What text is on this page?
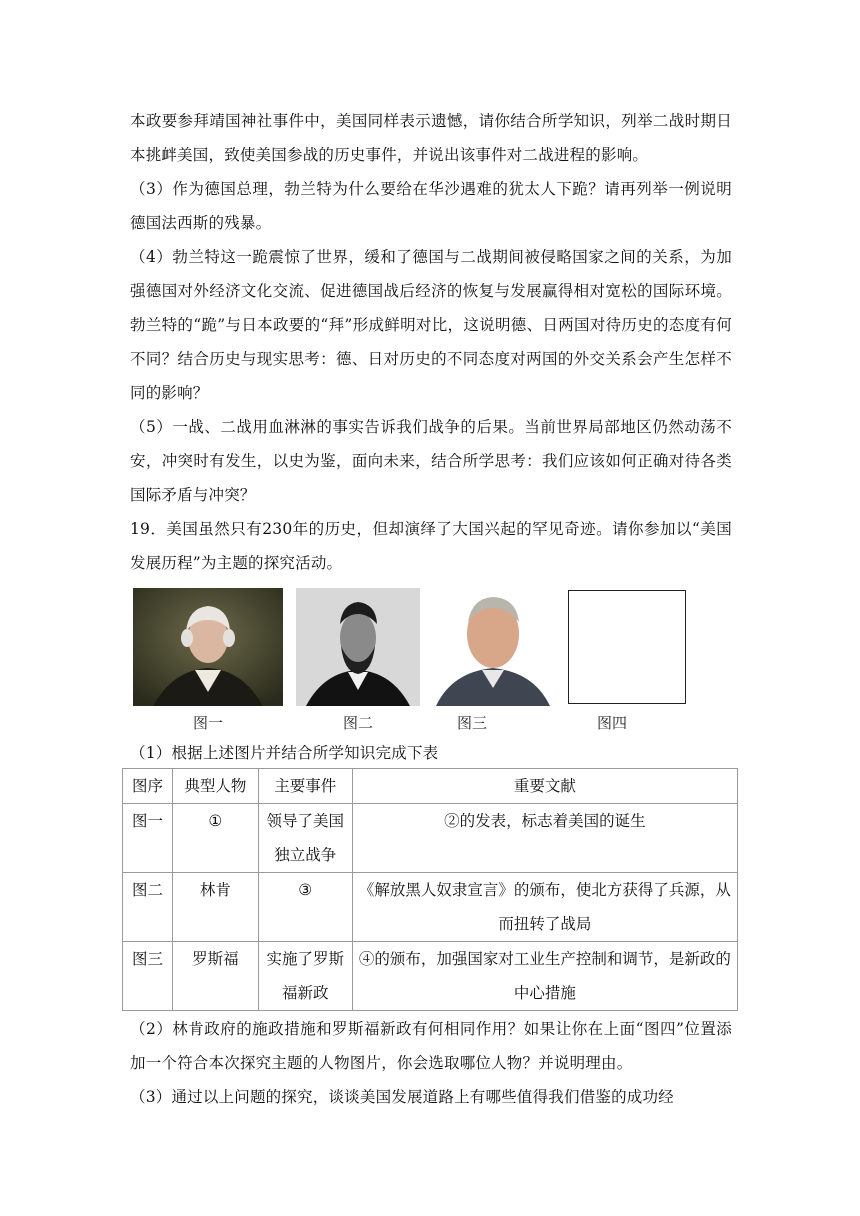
本政要参拜靖国神社事件中，美国同样表示遗憾，请你结合所学知识，列举二战时期日本挑衅美国，致使美国参战的历史事件，并说出该事件对二战进程的影响。
（3）作为德国总理，勃兰特为什么要给在华沙遇难的犹太人下跪？请再列举一例说明德国法西斯的残暴。
（4）勃兰特这一跪震惊了世界，缓和了德国与二战期间被侵略国家之间的关系，为加强德国对外经济文化交流、促进德国战后经济的恢复与发展赢得相对宽松的国际环境。勃兰特的“跪”与日本政要的“拜”形成鲜明对比，这说明德、日两国对待历史的态度有何不同？结合历史与现实思考：德、日对历史的不同态度对两国的外交关系会产生怎样不同的影响？
（5）一战、二战用血淋淋的事实告诉我们战争的后果。当前世界局部地区仍然动荡不安，冲突时有发生，以史为鉴，面向未来，结合所学思考：我们应该如何正确对待各类国际矛盾与冲突？
19．美国虽然只有230年的历史，但却演绎了大国兴起的罕见奇迹。请你参加以“美国发展历程”为主题的探究活动。
图一	图二	图三	图四
（1）根据上述图片并结合所学知识完成下表
图序	典型人物	主要事件	重要文献
图一	①	领导了美国独立战争	②的发表，标志着美国的诞生
图二	林肯	③	《解放黑人奴隶宣言》的颁布，使北方获得了兵源，从而扭转了战局
图三	罗斯福	实施了罗斯福新政	④的颁布，加强国家对工业生产控制和调节，是新政的中心措施
（2）林肯政府的施政措施和罗斯福新政有何相同作用？如果让你在上面“图四”位置添加一个符合本次探究主题的人物图片，你会选取哪位人物？并说明理由。
（3）通过以上问题的探究，谈谈美国发展道路上有哪些值得我们借鉴的成功经
